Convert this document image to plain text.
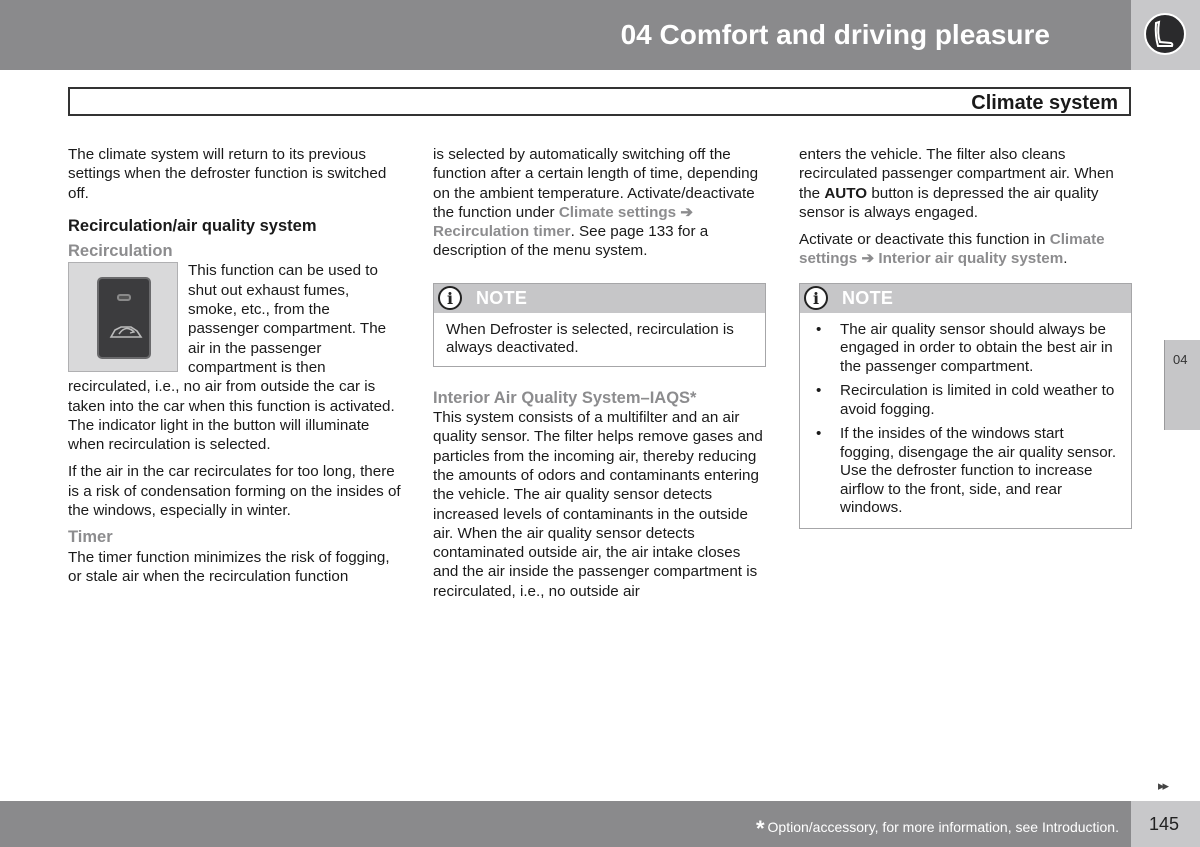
04 Comfort and driving pleasure
Climate system

The climate system will return to its previous settings when the defroster function is switched off.

Recirculation/air quality system
Recirculation

This function can be used to shut out exhaust fumes, smoke, etc., from the passenger compartment. The air in the passenger compartment is then recirculated, i.e., no air from outside the car is taken into the car when this function is activated. The indicator light in the button will illuminate when recirculation is selected.

If the air in the car recirculates for too long, there is a risk of condensation forming on the insides of the windows, especially in winter.

Timer

The timer function minimizes the risk of fogging, or stale air when the recirculation function

is selected by automatically switching off the function after a certain length of time, depending on the ambient temperature. Activate/deactivate the function under Climate settings ➔ Recirculation timer. See page 133 for a description of the menu system.

i	NOTE
When Defroster is selected, recirculation is always deactivated.
Interior Air Quality System–IAQS*

This system consists of a multifilter and an air quality sensor. The filter helps remove gases and particles from the incoming air, thereby reducing the amounts of odors and contaminants entering the vehicle. The air quality sensor detects increased levels of contaminants in the outside air. When the air quality sensor detects contaminated outside air, the air intake closes and the air inside the passenger compartment is recirculated, i.e., no outside air

enters the vehicle. The filter also cleans recirculated passenger compartment air. When the AUTO button is depressed the air quality sensor is always engaged.

Activate or deactivate this function in Climate settings ➔ Interior air quality system.

i	NOTE
• The air quality sensor should always be engaged in order to obtain the best air in the passenger compartment.
• Recirculation is limited in cold weather to avoid fogging.
• If the insides of the windows start fogging, disengage the air quality sensor. Use the defroster function to increase airflow to the front, side, and rear windows.
04
▸▸
* Option/accessory, for more information, see Introduction. 145
